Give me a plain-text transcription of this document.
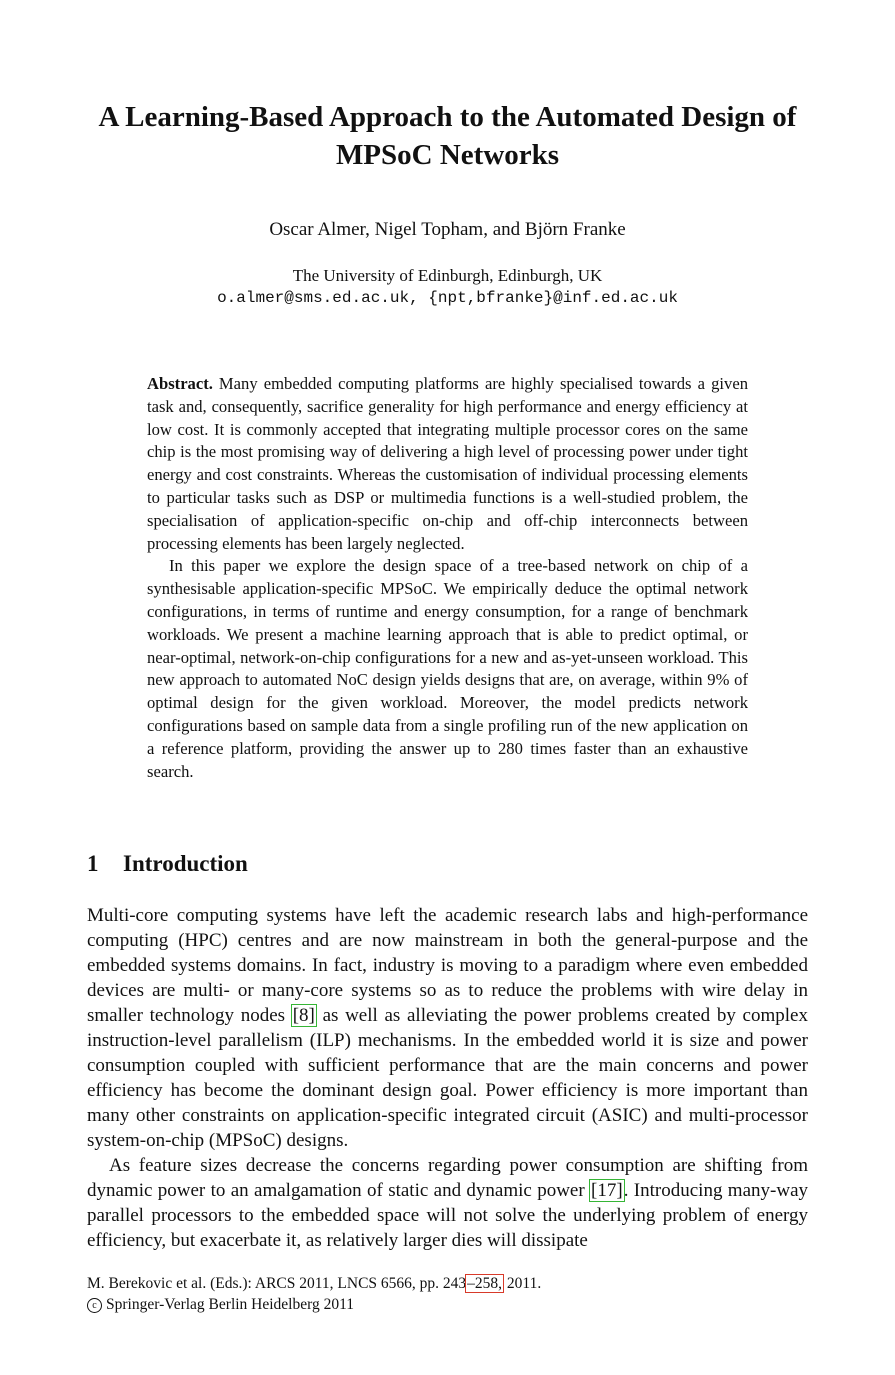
A Learning-Based Approach to the Automated Design of MPSoC Networks
Oscar Almer, Nigel Topham, and Björn Franke
The University of Edinburgh, Edinburgh, UK
o.almer@sms.ed.ac.uk, {npt,bfranke}@inf.ed.ac.uk

Abstract. Many embedded computing platforms are highly specialised towards a given task and, consequently, sacrifice generality for high performance and energy efficiency at low cost. It is commonly accepted that integrating multiple processor cores on the same chip is the most promising way of delivering a high level of processing power under tight energy and cost constraints. Whereas the customisation of individual processing elements to particular tasks such as DSP or multimedia functions is a well-studied problem, the specialisation of application-specific on-chip and off-chip interconnects between processing elements has been largely neglected.

In this paper we explore the design space of a tree-based network on chip of a synthesisable application-specific MPSoC. We empirically deduce the optimal network configurations, in terms of runtime and energy consumption, for a range of benchmark workloads. We present a machine learning approach that is able to predict optimal, or near-optimal, network-on-chip configurations for a new and as-yet-unseen workload. This new approach to automated NoC design yields designs that are, on average, within 9% of optimal design for the given workload. Moreover, the model predicts network configurations based on sample data from a single profiling run of the new application on a reference platform, providing the answer up to 280 times faster than an exhaustive search.

1 Introduction

Multi-core computing systems have left the academic research labs and high-performance computing (HPC) centres and are now mainstream in both the general-purpose and the embedded systems domains. In fact, industry is moving to a paradigm where even embedded devices are multi- or many-core systems so as to reduce the problems with wire delay in smaller technology nodes [8] as well as alleviating the power problems created by complex instruction-level parallelism (ILP) mechanisms. In the embedded world it is size and power consumption coupled with sufficient performance that are the main concerns and power efficiency has become the dominant design goal. Power efficiency is more important than many other constraints on application-specific integrated circuit (ASIC) and multi-processor system-on-chip (MPSoC) designs.

As feature sizes decrease the concerns regarding power consumption are shifting from dynamic power to an amalgamation of static and dynamic power [17]. Introducing many-way parallel processors to the embedded space will not solve the underlying problem of energy efficiency, but exacerbate it, as relatively larger dies will dissipate

M. Berekovic et al. (Eds.): ARCS 2011, LNCS 6566, pp. 243–258, 2011.
c Springer-Verlag Berlin Heidelberg 2011
